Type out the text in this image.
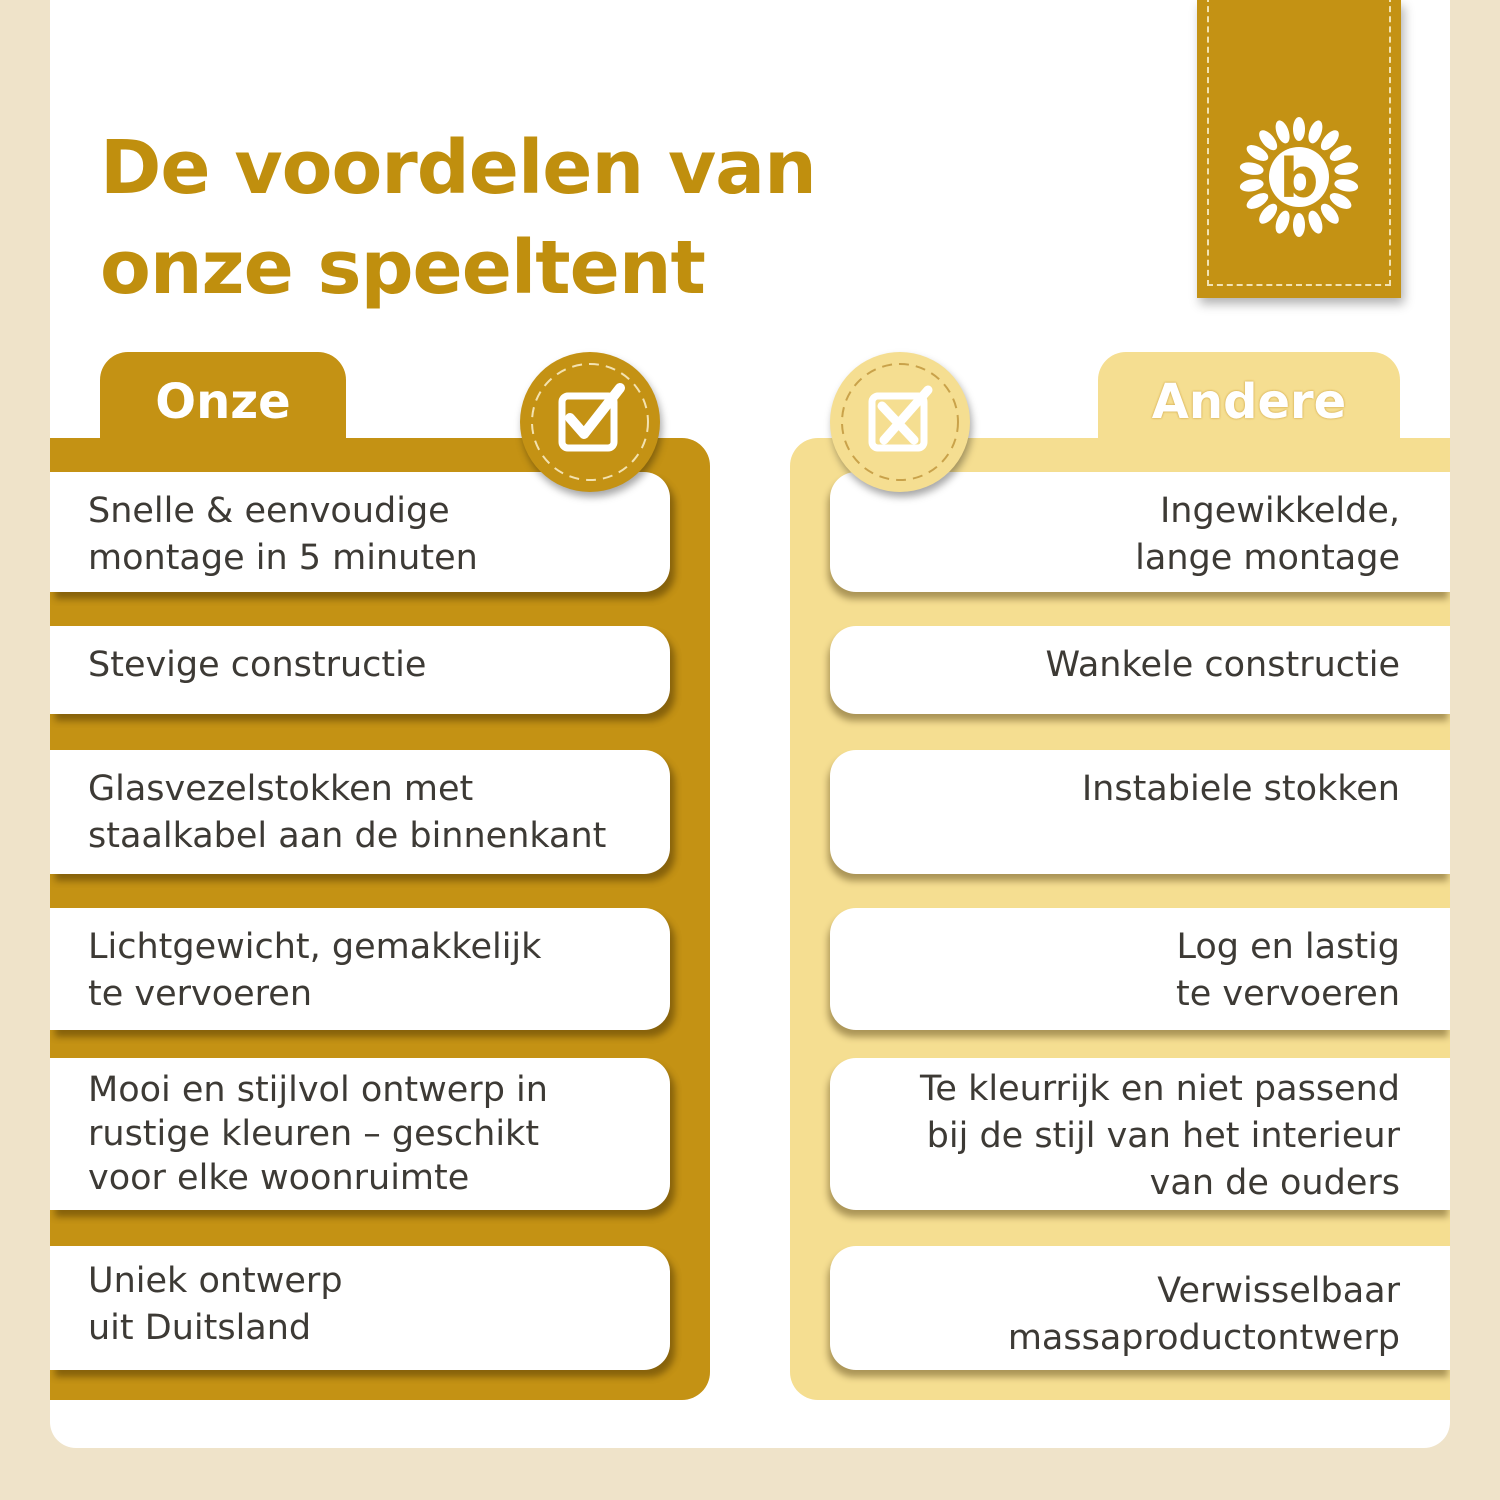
De voordelen van
onze speeltent
b
Onze	Andere
Snelle & eenvoudige
montage in 5 minuten
Stevige constructie
Glasvezelstokken met
staalkabel aan de binnenkant
Lichtgewicht, gemakkelijk
te vervoeren
Mooi en stijlvol ontwerp in
rustige kleuren – geschikt
voor elke woonruimte
Uniek ontwerp
uit Duitsland
Ingewikkelde,
lange montage
Wankele constructie
Instabiele stokken
Log en lastig
te vervoeren
Te kleurrijk en niet passend
bij de stijl van het interieur
van de ouders
Verwisselbaar
massaproductontwerp
